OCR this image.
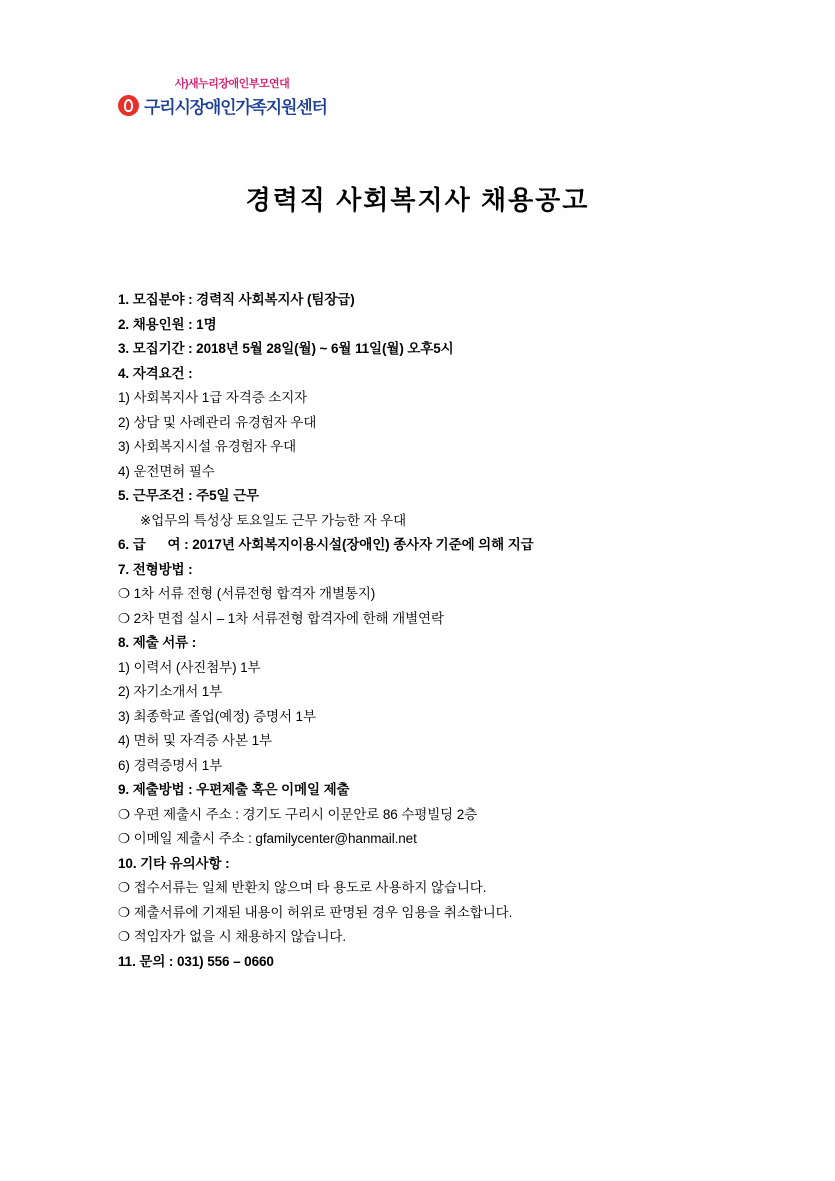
사)새누리장애인부모연대
구리시장애인가족지원센터
경력직 사회복지사 채용공고
1. 모집분야 : 경력직 사회복지사 (팀장급)
2. 채용인원 : 1명
3. 모집기간 : 2018년 5월 28일(월) ~ 6월 11일(월) 오후5시
4. 자격요건 :
1) 사회복지사 1급 자격증 소지자
2) 상담 및 사례관리 유경험자 우대
3) 사회복지시설 유경험자 우대
4) 운전면허 필수
5. 근무조건 : 주5일 근무
※업무의 특성상 토요일도 근무 가능한 자 우대
6. 급      여 : 2017년 사회복지이용시설(장애인) 종사자 기준에 의해 지급
7. 전형방법 :
❍ 1차 서류 전형 (서류전형 합격자 개별통지)
❍ 2차 면접 실시 – 1차 서류전형 합격자에 한해 개별연락
8. 제출 서류 :
1) 이력서 (사진첨부) 1부
2) 자기소개서 1부
3) 최종학교 졸업(예정) 증명서 1부
4) 면허 및 자격증 사본 1부
6) 경력증명서 1부
9. 제출방법 : 우편제출 혹은 이메일 제출
❍ 우편 제출시 주소 : 경기도 구리시 이문안로 86 수평빌딩 2층
❍ 이메일 제출시 주소 : gfamilycenter@hanmail.net
10. 기타 유의사항 :
❍ 접수서류는 일체 반환치 않으며 타 용도로 사용하지 않습니다.
❍ 제출서류에 기재된 내용이 허위로 판명된 경우 임용을 취소합니다.
❍ 적임자가 없을 시 채용하지 않습니다.
11. 문의 : 031) 556 – 0660
